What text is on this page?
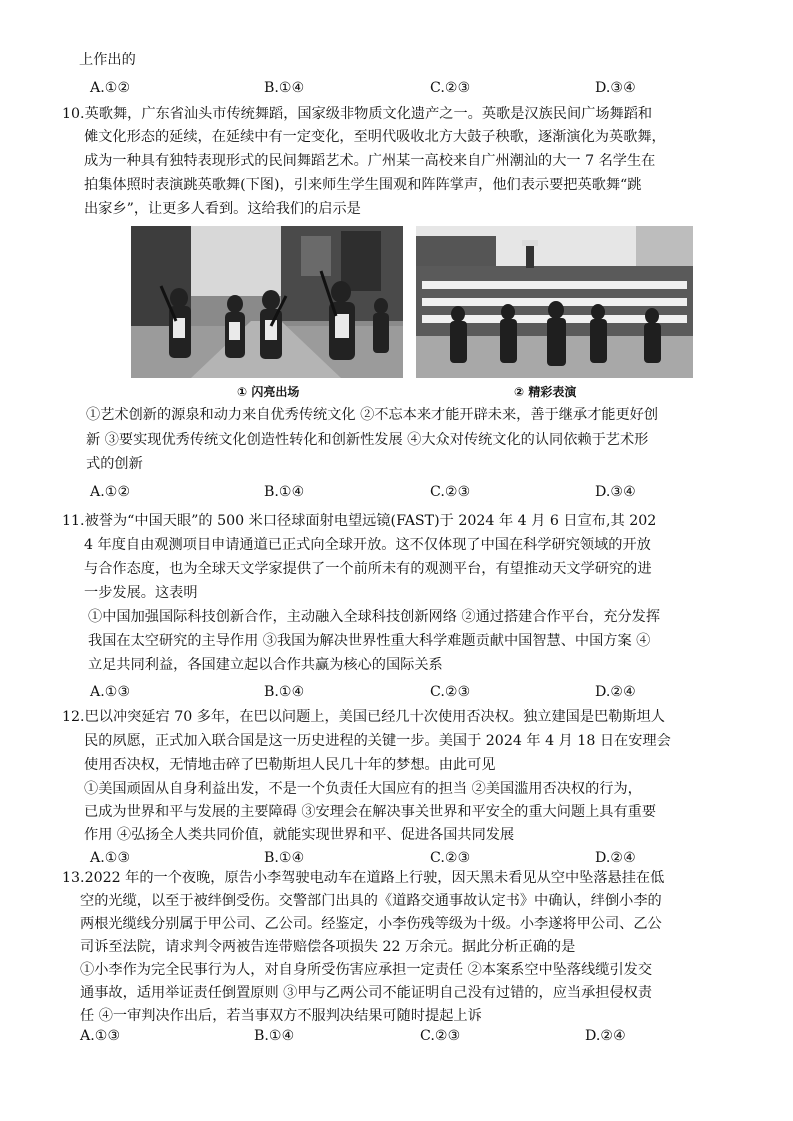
上作出的
A.①②	B.①④	C.②③	D.③④
10.英歌舞，广东省汕头市传统舞蹈，国家级非物质文化遗产之一。英歌是汉族民间广场舞蹈和
傩文化形态的延续，在延续中有一定变化，至明代吸收北方大鼓子秧歌，逐渐演化为英歌舞，
成为一种具有独特表现形式的民间舞蹈艺术。广州某一高校来自广州潮汕的大一 7 名学生在
拍集体照时表演跳英歌舞(下图)，引来师生学生围观和阵阵掌声，他们表示要把英歌舞“跳
出家乡”，让更多人看到。这给我们的启示是
① 闪亮出场	② 精彩表演
①艺术创新的源泉和动力来自优秀传统文化 ②不忘本来才能开辟未来，善于继承才能更好创
新 ③要实现优秀传统文化创造性转化和创新性发展 ④大众对传统文化的认同依赖于艺术形
式的创新
A.①②	B.①④	C.②③	D.③④
11.被誉为“中国天眼”的 500 米口径球面射电望远镜(FAST)于 2024 年 4 月 6 日宣布,其 202
4 年度自由观测项目申请通道已正式向全球开放。这不仅体现了中国在科学研究领域的开放
与合作态度，也为全球天文学家提供了一个前所未有的观测平台，有望推动天文学研究的进
一步发展。这表明
①中国加强国际科技创新合作，主动融入全球科技创新网络 ②通过搭建合作平台，充分发挥
我国在太空研究的主导作用 ③我国为解决世界性重大科学难题贡献中国智慧、中国方案 ④
立足共同利益，各国建立起以合作共赢为核心的国际关系
A.①③	B.①④	C.②③	D.②④
12.巴以冲突延宕 70 多年，在巴以问题上，美国已经几十次使用否决权。独立建国是巴勒斯坦人
民的夙愿，正式加入联合国是这一历史进程的关键一步。美国于 2024 年 4 月 18 日在安理会
使用否决权，无情地击碎了巴勒斯坦人民几十年的梦想。由此可见
①美国顽固从自身利益出发，不是一个负责任大国应有的担当 ②美国滥用否决权的行为，
已成为世界和平与发展的主要障碍 ③安理会在解决事关世界和平安全的重大问题上具有重要
作用 ④弘扬全人类共同价值，就能实现世界和平、促进各国共同发展
A.①③	B.①④	C.②③	D.②④
13.2022 年的一个夜晚，原告小李驾驶电动车在道路上行驶，因天黑未看见从空中坠落悬挂在低
空的光缆，以至于被绊倒受伤。交警部门出具的《道路交通事故认定书》中确认，绊倒小李的
两根光缆线分别属于甲公司、乙公司。经鉴定，小李伤残等级为十级。小李遂将甲公司、乙公
司诉至法院，请求判令两被告连带赔偿各项损失 22 万余元。据此分析正确的是
①小李作为完全民事行为人，对自身所受伤害应承担一定责任 ②本案系空中坠落线缆引发交
通事故，适用举证责任倒置原则 ③甲与乙两公司不能证明自己没有过错的，应当承担侵权责
任 ④一审判决作出后，若当事双方不服判决结果可随时提起上诉
A.①③	B.①④	C.②③	D.②④
